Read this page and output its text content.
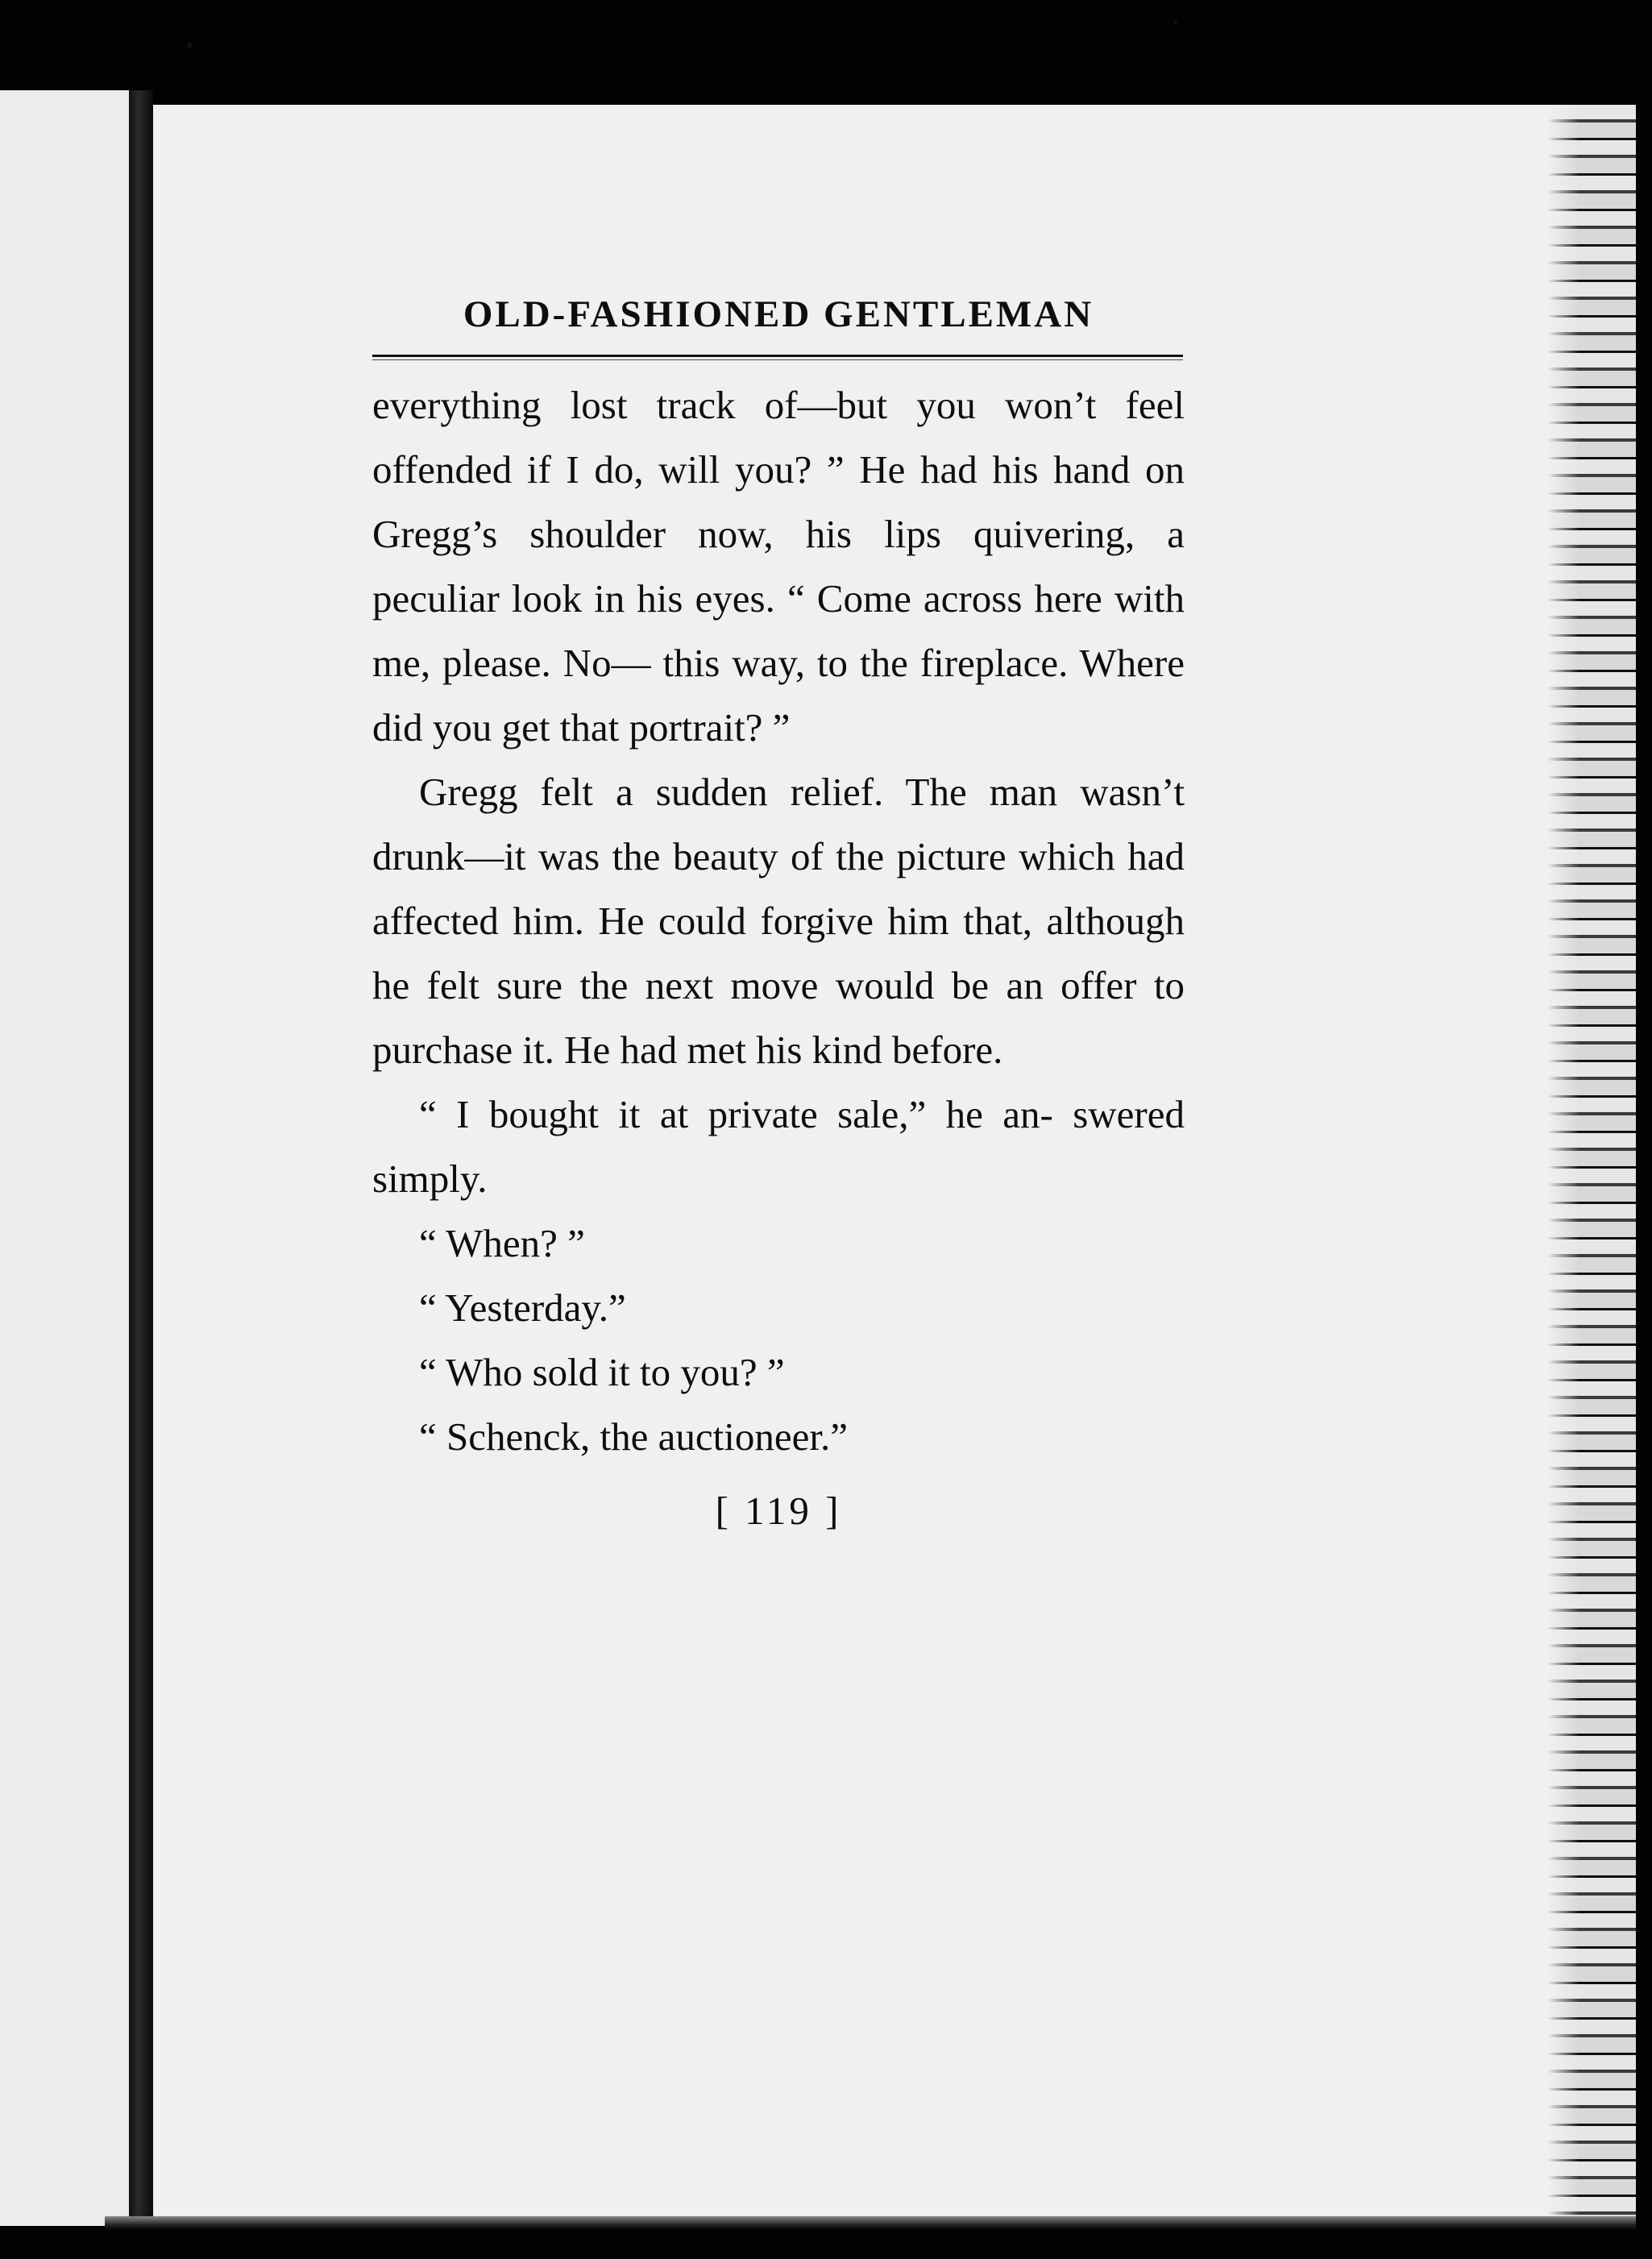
OLD-FASHIONED GENTLEMAN

everything lost track of—but you won’t feel offended if I do, will you? ” He had his hand on Gregg’s shoulder now, his lips quivering, a peculiar look in his eyes. “ Come across here with me, please. No— this way, to the fireplace. Where did you get that portrait? ”

Gregg felt a sudden relief. The man wasn’t drunk—it was the beauty of the picture which had affected him. He could forgive him that, although he felt sure the next move would be an offer to purchase it. He had met his kind before.

“ I bought it at private sale,” he an- swered simply.

“ When? ”

“ Yesterday.”

“ Who sold it to you? ”

“ Schenck, the auctioneer.”

[ 119 ]
